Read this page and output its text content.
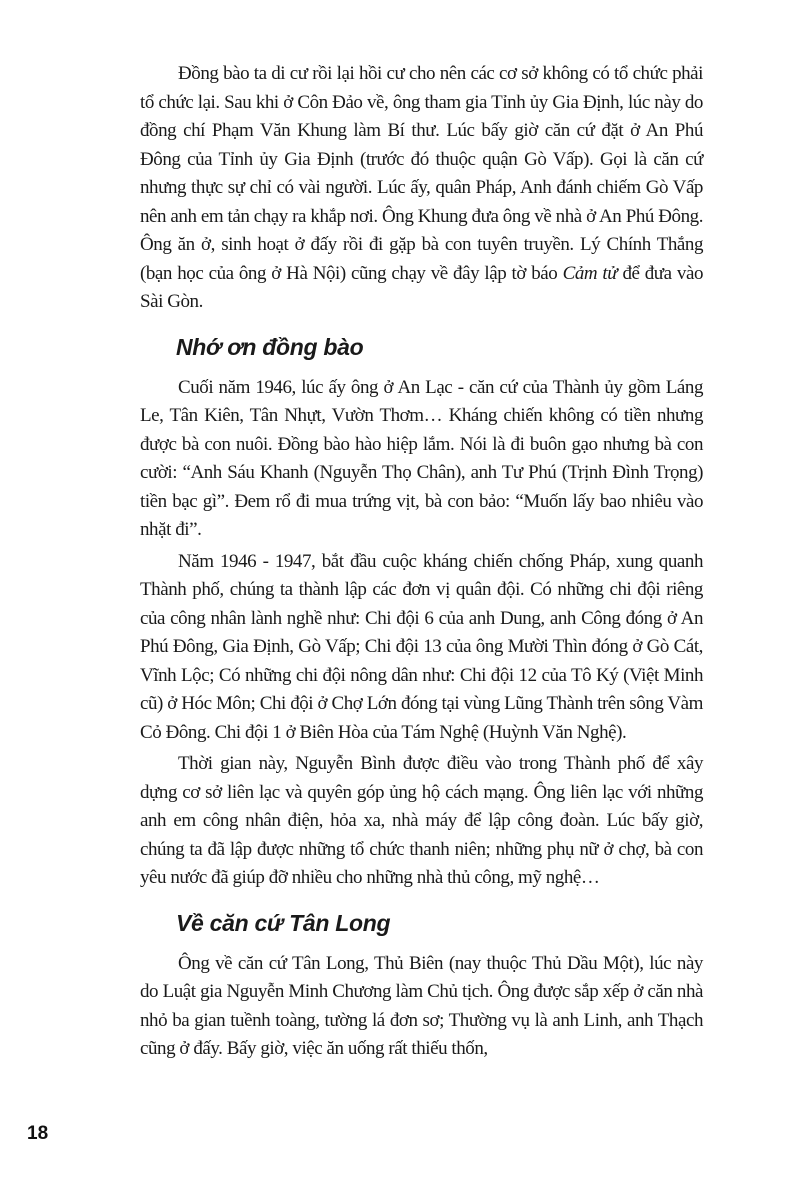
Đồng bào ta di cư rồi lại hồi cư cho nên các cơ sở không có tổ chức phải tổ chức lại. Sau khi ở Côn Đảo về, ông tham gia Tỉnh ủy Gia Định, lúc này do đồng chí Phạm Văn Khung làm Bí thư. Lúc bấy giờ căn cứ đặt ở An Phú Đông của Tỉnh ủy Gia Định (trước đó thuộc quận Gò Vấp). Gọi là căn cứ nhưng thực sự chỉ có vài người. Lúc ấy, quân Pháp, Anh đánh chiếm Gò Vấp nên anh em tản chạy ra khắp nơi. Ông Khung đưa ông về nhà ở An Phú Đông. Ông ăn ở, sinh hoạt ở đấy rồi đi gặp bà con tuyên truyền. Lý Chính Thắng (bạn học của ông ở Hà Nội) cũng chạy về đây lập tờ báo Cảm tử để đưa vào Sài Gòn.

Nhớ ơn đồng bào

Cuối năm 1946, lúc ấy ông ở An Lạc - căn cứ của Thành ủy gồm Láng Le, Tân Kiên, Tân Nhựt, Vườn Thơm… Kháng chiến không có tiền nhưng được bà con nuôi. Đồng bào hào hiệp lắm. Nói là đi buôn gạo nhưng bà con cười: “Anh Sáu Khanh (Nguyễn Thọ Chân), anh Tư Phú (Trịnh Đình Trọng) tiền bạc gì”. Đem rổ đi mua trứng vịt, bà con bảo: “Muốn lấy bao nhiêu vào nhặt đi”.

Năm 1946 - 1947, bắt đầu cuộc kháng chiến chống Pháp, xung quanh Thành phố, chúng ta thành lập các đơn vị quân đội. Có những chi đội riêng của công nhân lành nghề như: Chi đội 6 của anh Dung, anh Công đóng ở An Phú Đông, Gia Định, Gò Vấp; Chi đội 13 của ông Mười Thìn đóng ở Gò Cát, Vĩnh Lộc; Có những chi đội nông dân như: Chi đội 12 của Tô Ký (Việt Minh cũ) ở Hóc Môn; Chi đội ở Chợ Lớn đóng tại vùng Lũng Thành trên sông Vàm Cỏ Đông. Chi đội 1 ở Biên Hòa của Tám Nghệ (Huỳnh Văn Nghệ).

Thời gian này, Nguyễn Bình được điều vào trong Thành phố để xây dựng cơ sở liên lạc và quyên góp ủng hộ cách mạng. Ông liên lạc với những anh em công nhân điện, hỏa xa, nhà máy để lập công đoàn. Lúc bấy giờ, chúng ta đã lập được những tổ chức thanh niên; những phụ nữ ở chợ, bà con yêu nước đã giúp đỡ nhiều cho những nhà thủ công, mỹ nghệ…

Về căn cứ Tân Long

Ông về căn cứ Tân Long, Thủ Biên (nay thuộc Thủ Dầu Một), lúc này do Luật gia Nguyễn Minh Chương làm Chủ tịch. Ông được sắp xếp ở căn nhà nhỏ ba gian tuềnh toàng, tường lá đơn sơ; Thường vụ là anh Linh, anh Thạch cũng ở đấy. Bấy giờ, việc ăn uống rất thiếu thốn,

18
